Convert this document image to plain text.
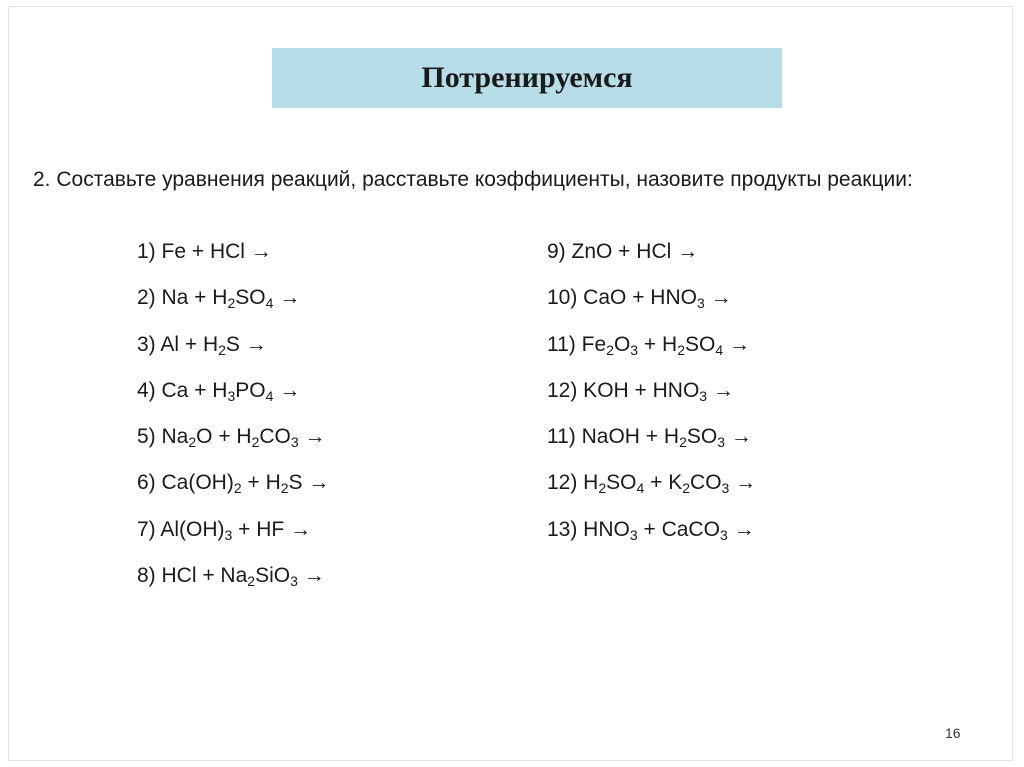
Потренируемся

2. Составьте уравнения реакций, расставьте коэффициенты, назовите продукты реакции:

1) Fe + HCl →
2) $Na + H_2SO_4$ →
3) $Al + H_2S$ →
4) $Ca + H_3PO_4$ →
5) $Na_2O + H_2CO_3$ →
6) $Ca(OH)_2 + H_2S$ →
7) $Al(OH)_3$ + HF →
8) HCl + $Na_2SiO_3$ →
9) ZnO + HCl →
10) CaO + $HNO_3$ →
11) $Fe_2O_3 + H_2SO_4$ →
12) KOH + $HNO_3$ →
11) NaOH + $H_2SO_3$ →
12) $H_2SO_4 + K_2CO_3$ →
13) $HNO_3$ + CaCO$_3$ →
16
